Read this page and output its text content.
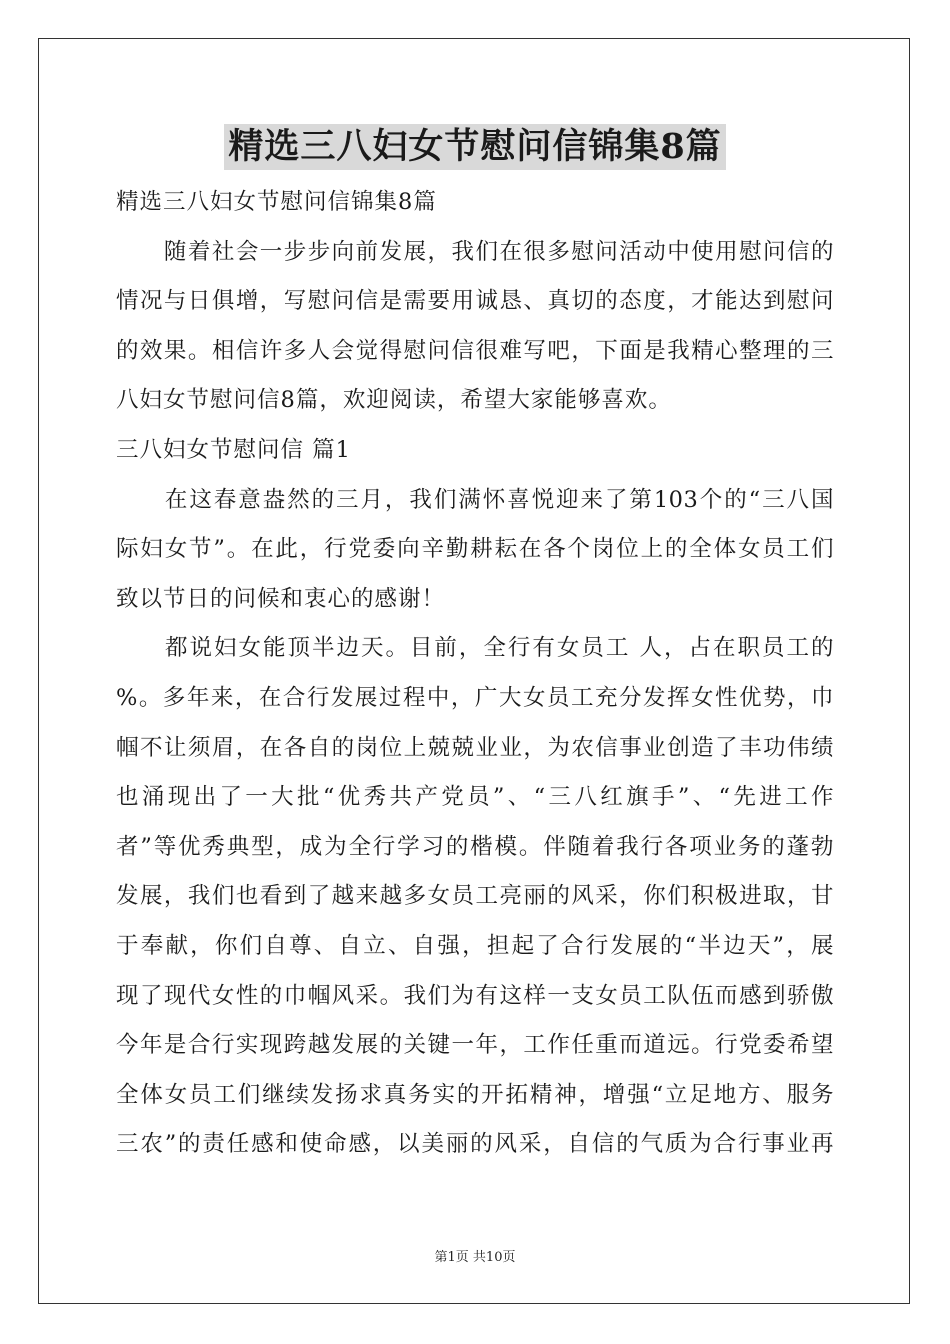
精选三八妇女节慰问信锦集8篇
精选三八妇女节慰问信锦集8篇
　　随着社会一步步向前发展，我们在很多慰问活动中使用慰问信的
情况与日俱增，写慰问信是需要用诚恳、真切的态度，才能达到慰问
的效果。相信许多人会觉得慰问信很难写吧，下面是我精心整理的三
八妇女节慰问信8篇，欢迎阅读，希望大家能够喜欢。
三八妇女节慰问信 篇1
　　在这春意盎然的三月，我们满怀喜悦迎来了第103个的“三八国
际妇女节”。在此，行党委向辛勤耕耘在各个岗位上的全体女员工们
致以节日的问候和衷心的感谢！
　　都说妇女能顶半边天。目前，全行有女员工 人，占在职员工的
%。多年来，在合行发展过程中，广大女员工充分发挥女性优势，巾
帼不让须眉，在各自的岗位上兢兢业业，为农信事业创造了丰功伟绩
也涌现出了一大批“优秀共产党员”、“三八红旗手”、“先进工作
者”等优秀典型，成为全行学习的楷模。伴随着我行各项业务的蓬勃
发展，我们也看到了越来越多女员工亮丽的风采，你们积极进取，甘
于奉献，你们自尊、自立、自强，担起了合行发展的“半边天”，展
现了现代女性的巾帼风采。我们为有这样一支女员工队伍而感到骄傲
今年是合行实现跨越发展的关键一年，工作任重而道远。行党委希望
全体女员工们继续发扬求真务实的开拓精神，增强“立足地方、服务
三农”的责任感和使命感，以美丽的风采，自信的气质为合行事业再
第1页 共10页
